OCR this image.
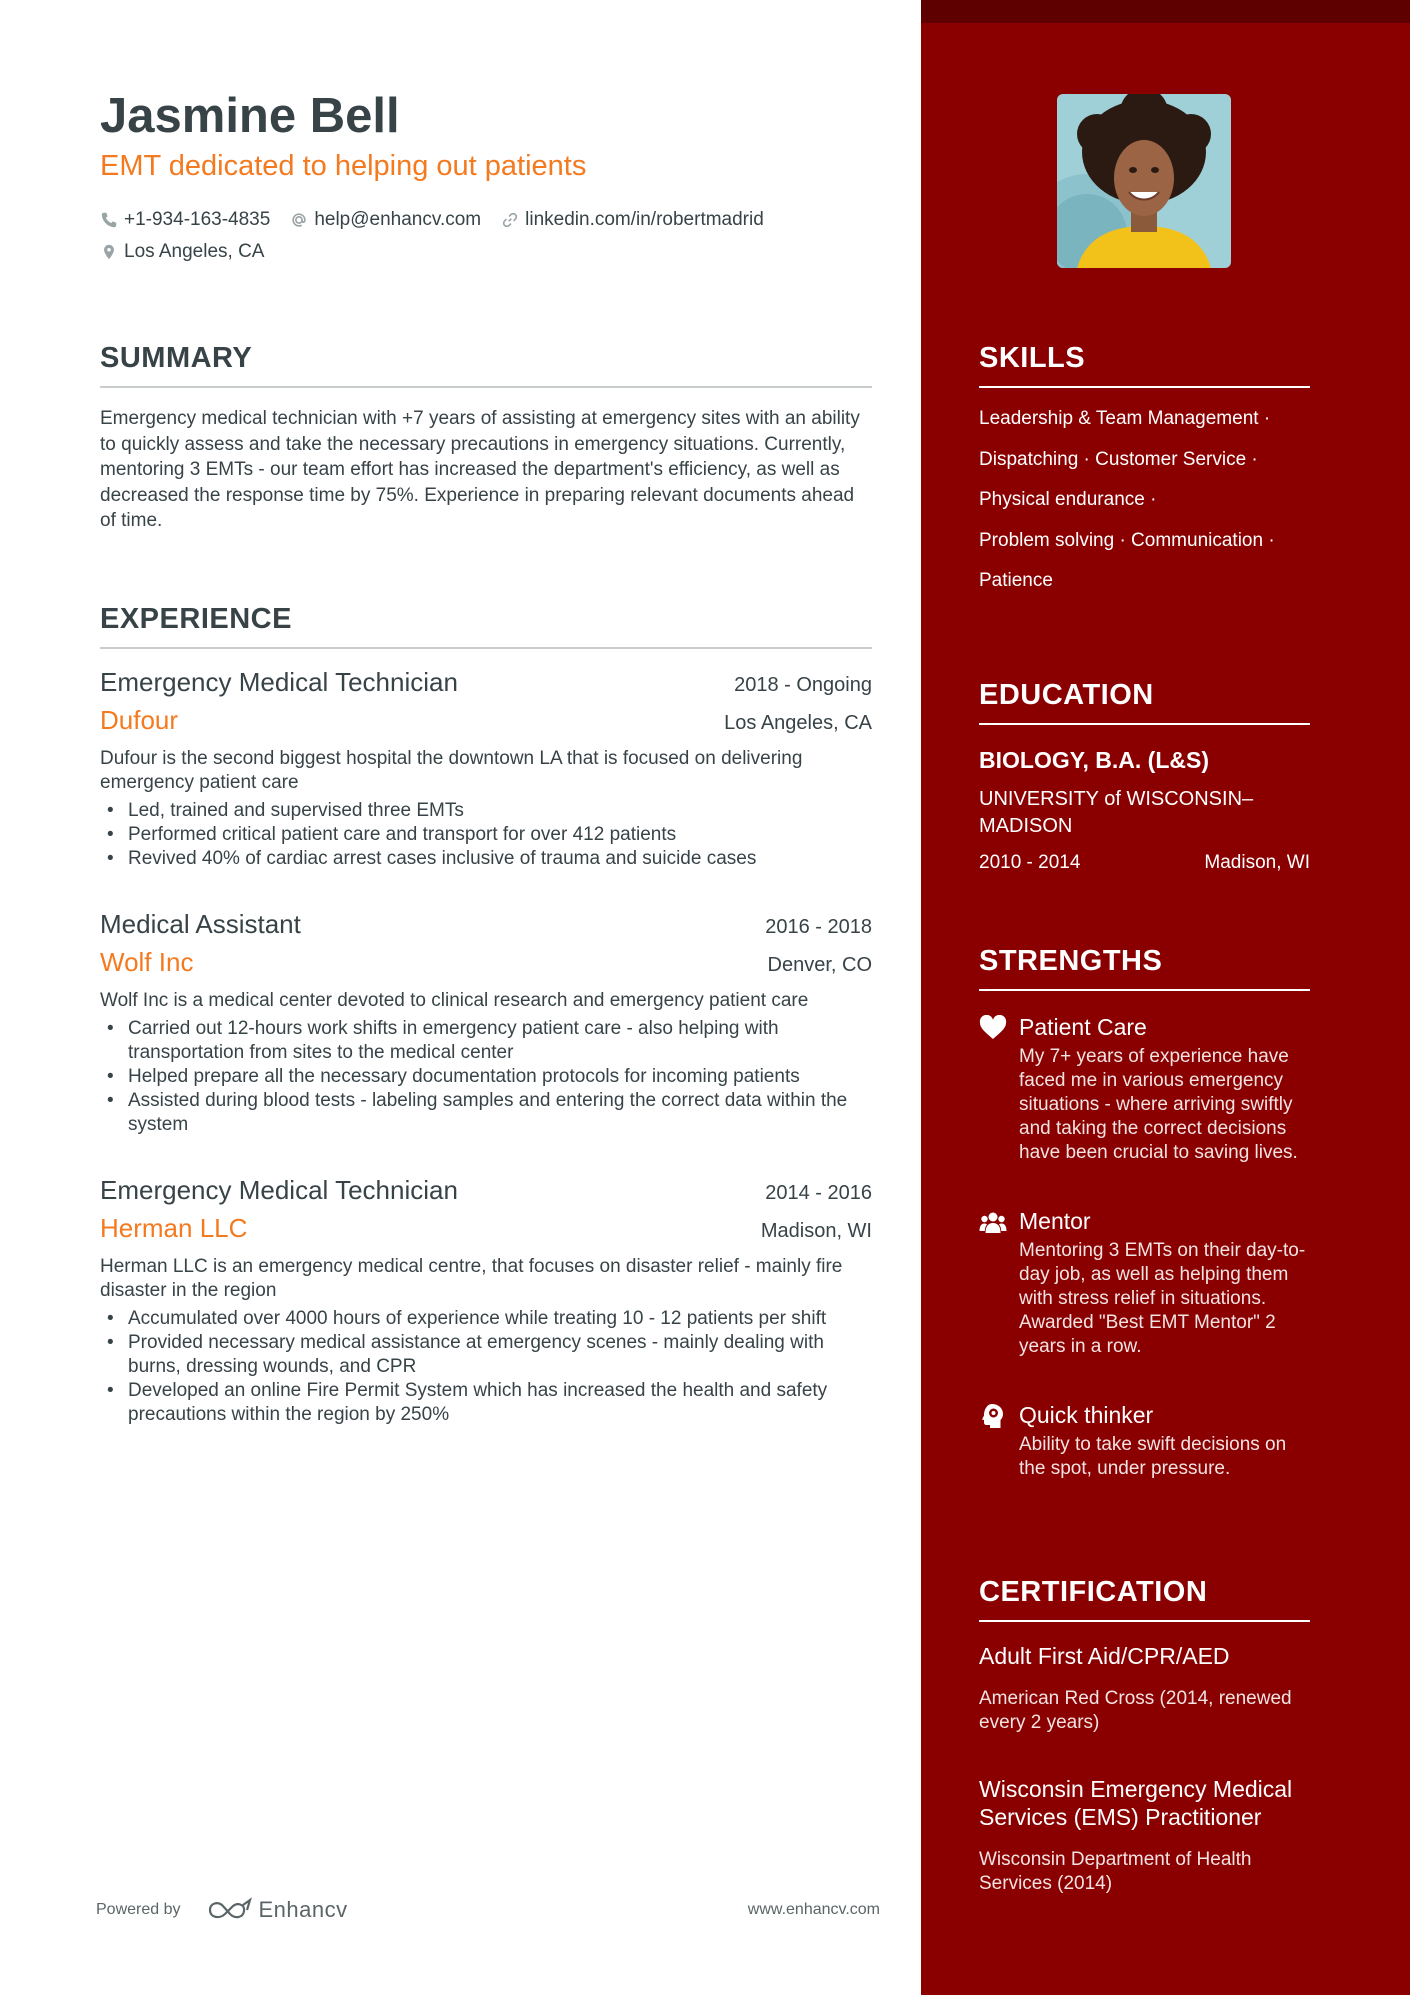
Jasmine Bell
EMT dedicated to helping out patients
+1-934-163-4835 help@enhancv.com linkedin.com/in/robertmadrid
Los Angeles, CA
SUMMARY
Emergency medical technician with +7 years of assisting at emergency sites with an ability to quickly assess and take the necessary precautions in emergency situations. Currently, mentoring 3 EMTs - our team effort has increased the department's efficiency, as well as decreased the response time by 75%. Experience in preparing relevant documents ahead of time.
EXPERIENCE
Emergency Medical Technician	2018 - Ongoing
Dufour	Los Angeles, CA
Dufour is the second biggest hospital the downtown LA that is focused on delivering emergency patient care
• Led, trained and supervised three EMTs
• Performed critical patient care and transport for over 412 patients
• Revived 40% of cardiac arrest cases inclusive of trauma and suicide cases
Medical Assistant	2016 - 2018
Wolf Inc	Denver, CO
Wolf Inc is a medical center devoted to clinical research and emergency patient care
• Carried out 12-hours work shifts in emergency patient care - also helping with transportation from sites to the medical center
• Helped prepare all the necessary documentation protocols for incoming patients
• Assisted during blood tests - labeling samples and entering the correct data within the system
Emergency Medical Technician	2014 - 2016
Herman LLC	Madison, WI
Herman LLC is an emergency medical centre, that focuses on disaster relief - mainly fire disaster in the region
• Accumulated over 4000 hours of experience while treating 10 - 12 patients per shift
• Provided necessary medical assistance at emergency scenes - mainly dealing with burns, dressing wounds, and CPR
• Developed an online Fire Permit System which has increased the health and safety precautions within the region by 250%
Powered by	Enhancv	www.enhancv.com
SKILLS
Leadership & Team Management ·
Dispatching · Customer Service ·
Physical endurance ·
Problem solving · Communication ·
Patience
EDUCATION
BIOLOGY, B.A. (L&S)
UNIVERSITY of WISCONSIN–MADISON
2010 - 2014	Madison, WI
STRENGTHS
Patient Care
My 7+ years of experience have faced me in various emergency situations - where arriving swiftly and taking the correct decisions have been crucial to saving lives.
Mentor
Mentoring 3 EMTs on their day-to-day job, as well as helping them with stress relief in situations. Awarded "Best EMT Mentor" 2 years in a row.
Quick thinker
Ability to take swift decisions on the spot, under pressure.
CERTIFICATION
Adult First Aid/CPR/AED
American Red Cross (2014, renewed every 2 years)
Wisconsin Emergency Medical Services (EMS) Practitioner
Wisconsin Department of Health Services (2014)
